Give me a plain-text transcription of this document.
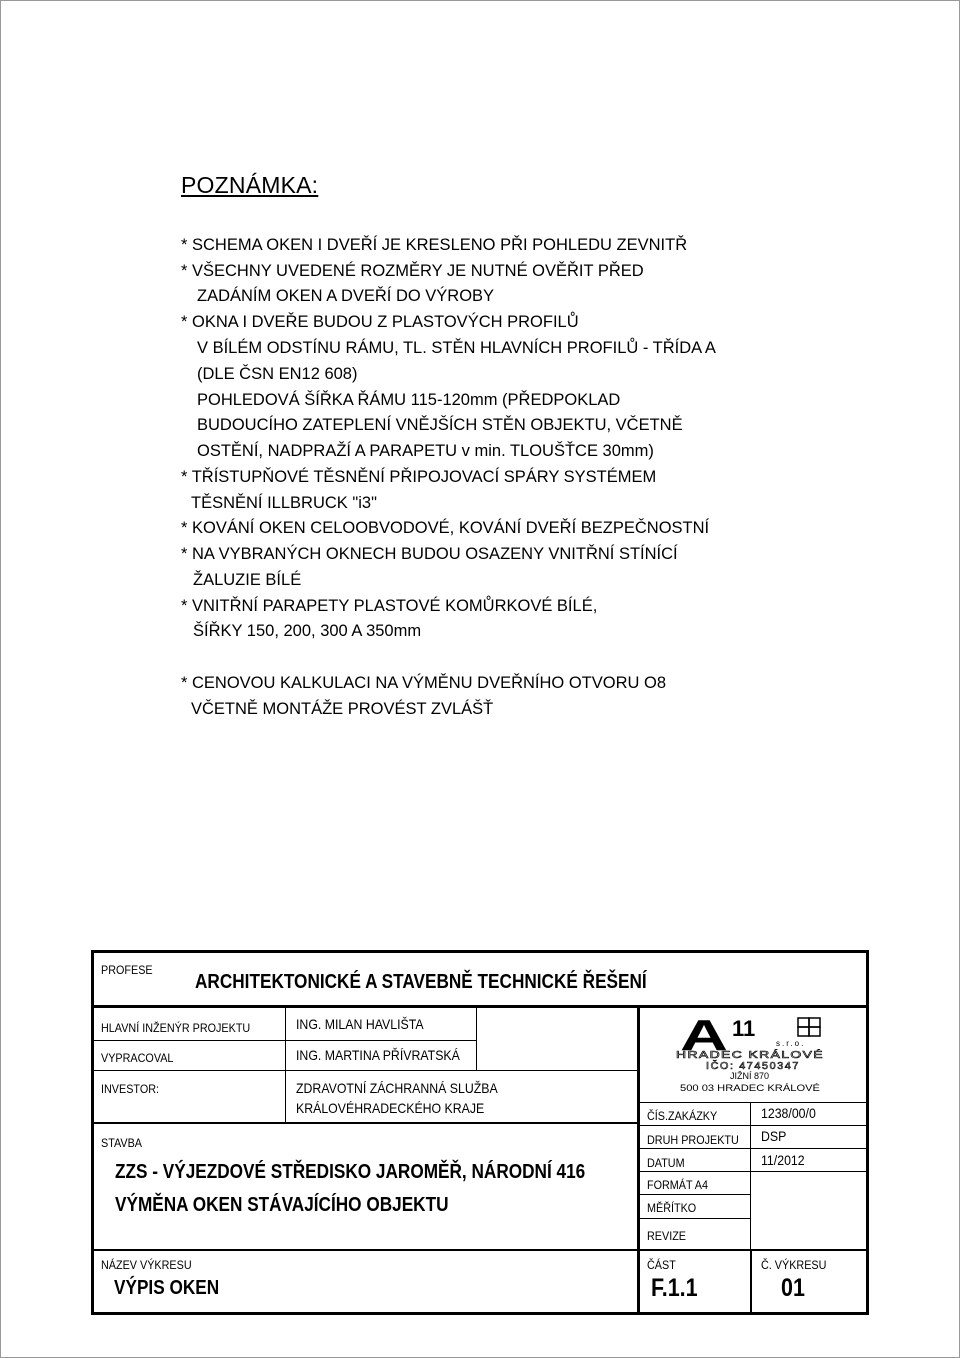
POZNÁMKA:
* SCHEMA OKEN I DVEŘÍ JE KRESLENO PŘI POHLEDU ZEVNITŘ
* VŠECHNY UVEDENÉ ROZMĚRY JE NUTNÉ OVĚŘIT PŘED
ZADÁNÍM OKEN A DVEŘÍ DO VÝROBY
* OKNA I DVEŘE BUDOU Z PLASTOVÝCH PROFILŮ
V BÍLÉM ODSTÍNU RÁMU, TL. STĚN HLAVNÍCH PROFILŮ - TŘÍDA A
(DLE ČSN EN12 608)
POHLEDOVÁ ŠÍŘKA ŘÁMU 115-120mm (PŘEDPOKLAD
BUDOUCÍHO ZATEPLENÍ VNĚJŠÍCH STĚN OBJEKTU, VČETNĚ
OSTĚNÍ, NADPRAŽÍ A PARAPETU v min. TLOUŠŤCE 30mm)
* TŘÍSTUPŇOVÉ TĚSNĚNÍ PŘIPOJOVACÍ SPÁRY SYSTÉMEM
TĚSNĚNÍ ILLBRUCK "i3"
* KOVÁNÍ OKEN CELOOBVODOVÉ, KOVÁNÍ DVEŘÍ BEZPEČNOSTNÍ
* NA VYBRANÝCH OKNECH BUDOU OSAZENY VNITŘNÍ STÍNÍCÍ
ŽALUZIE BÍLÉ
* VNITŘNÍ PARAPETY PLASTOVÉ KOMŮRKOVÉ BÍLÉ,
ŠÍŘKY 150, 200, 300 A 350mm
* CENOVOU KALKULACI NA VÝMĚNU DVEŘNÍHO OTVORU O8
VČETNĚ MONTÁŽE PROVÉST ZVLÁŠŤ
PROFESE
ARCHITEKTONICKÉ A STAVEBNĚ TECHNICKÉ ŘEŠENÍ
HLAVNÍ INŽENÝR PROJEKTU	ING. MILAN HAVLIŠTA
VYPRACOVAL	ING. MARTINA PŘÍVRATSKÁ
INVESTOR:	ZDRAVOTNÍ ZÁCHRANNÁ SLUŽBA
KRÁLOVÉHRADECKÉHO KRAJE
STAVBA
ZZS - VÝJEZDOVÉ STŘEDISKO JAROMĚŘ, NÁRODNÍ 416
VÝMĚNA OKEN STÁVAJÍCÍHO OBJEKTU
NÁZEV VÝKRESU
VÝPIS OKEN
ČÍS.ZAKÁZKY	1238/00/0
DRUH PROJEKTU	DSP
DATUM	11/2012
FORMÁT A4
MĚŘÍTKO
REVIZE
ČÁST
F.1.1
Č. VÝKRESU
01
A 11
s.r.o.
HRADEC KRÁLOVÉ
IČO: 47450347
JIŽNÍ 870
500 03 HRADEC KRÁLOVÉ
